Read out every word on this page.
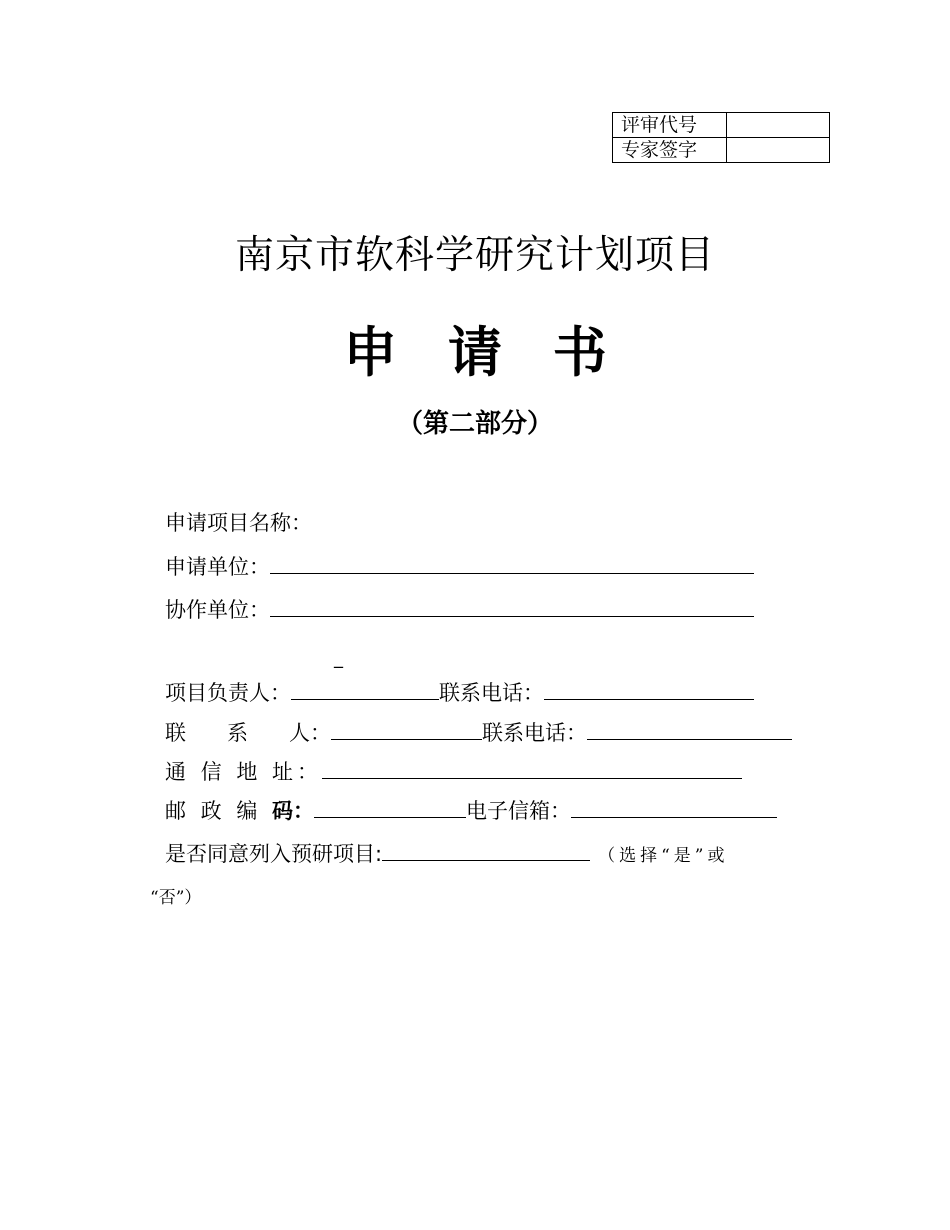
评审代号	
专家签字	
南京市软科学研究计划项目
申 请 书
（第二部分）
申请项目名称：
申请单位：
协作单位：
_
项目负责人：	联系电话：
联 系 人：	联系电话：
通 信 地 址：
邮 政 编 码：	电子信箱：
是否同意列入预研项目:	（选择“是”或
“否”）
